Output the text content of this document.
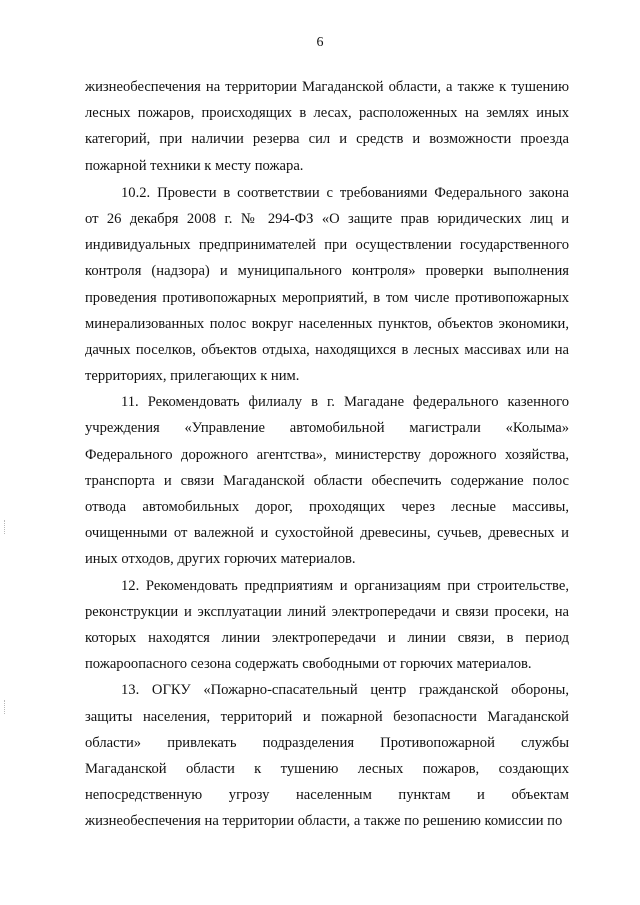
6
жизнеобеспечения на территории Магаданской области, а также к тушению
лесных пожаров, происходящих в лесах, расположенных на землях иных
категорий, при наличии резерва сил и средств и возможности проезда
пожарной техники к месту пожара.
10.2. Провести в соответствии с требованиями Федерального закона
от 26 декабря 2008 г. № 294-ФЗ «О защите прав юридических лиц и
индивидуальных предпринимателей при осуществлении государственного
контроля (надзора) и муниципального контроля» проверки выполнения
проведения противопожарных мероприятий, в том числе противопожарных
минерализованных полос вокруг населенных пунктов, объектов экономики,
дачных поселков, объектов отдыха, находящихся в лесных массивах или на
территориях, прилегающих к ним.
11. Рекомендовать филиалу в г. Магадане федерального казенного
учреждения «Управление автомобильной магистрали «Колыма»
Федерального дорожного агентства», министерству дорожного хозяйства,
транспорта и связи Магаданской области обеспечить содержание полос
отвода автомобильных дорог, проходящих через лесные массивы,
очищенными от валежной и сухостойной древесины, сучьев, древесных и
иных отходов, других горючих материалов.
12. Рекомендовать предприятиям и организациям при строительстве,
реконструкции и эксплуатации линий электропередачи и связи просеки, на
которых находятся линии электропередачи и линии связи, в период
пожароопасного сезона содержать свободными от горючих материалов.
13. ОГКУ «Пожарно-спасательный центр гражданской обороны,
защиты населения, территорий и пожарной безопасности Магаданской
области» привлекать подразделения Противопожарной службы
Магаданской области к тушению лесных пожаров, создающих
непосредственную угрозу населенным пунктам и объектам
жизнеобеспечения на территории области, а также по решению комиссии по
